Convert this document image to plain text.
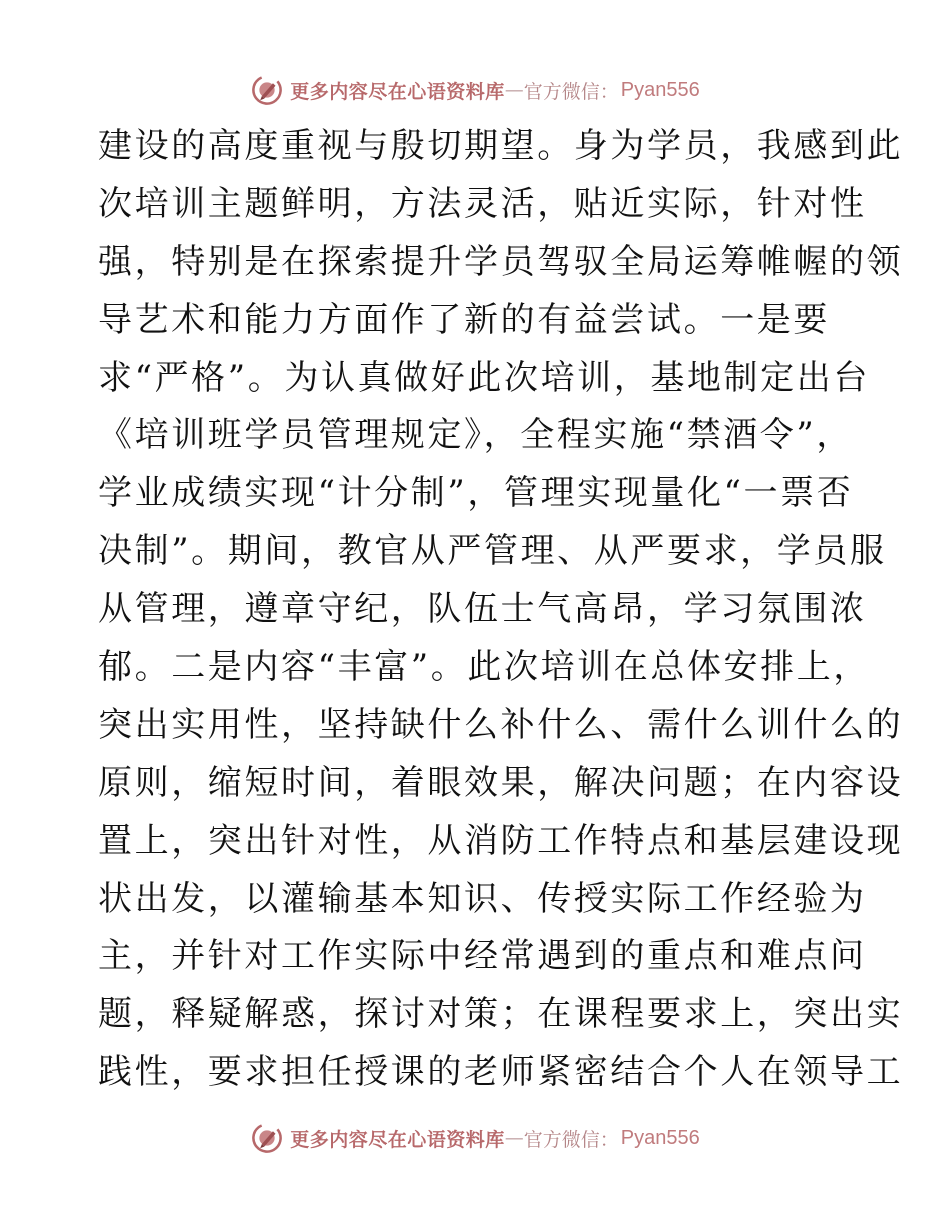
更多内容尽在心语资料库 — 官方微信： Pyan556
建设的高度重视与殷切期望。身为学员，我感到此
次培训主题鲜明，方法灵活，贴近实际，针对性
强，特别是在探索提升学员驾驭全局运筹帷幄的领
导艺术和能力方面作了新的有益尝试。一是要
求“严格”。为认真做好此次培训，基地制定出台
《培训班学员管理规定》，全程实施“禁酒令”，
学业成绩实现“计分制”，管理实现量化“一票否
决制”。期间，教官从严管理、从严要求，学员服
从管理，遵章守纪，队伍士气高昂，学习氛围浓
郁。二是内容“丰富”。此次培训在总体安排上，
突出实用性，坚持缺什么补什么、需什么训什么的
原则，缩短时间，着眼效果，解决问题；在内容设
置上，突出针对性，从消防工作特点和基层建设现
状出发，以灌输基本知识、传授实际工作经验为
主，并针对工作实际中经常遇到的重点和难点问
题，释疑解惑，探讨对策；在课程要求上，突出实
践性，要求担任授课的老师紧密结合个人在领导工
更多内容尽在心语资料库 — 官方微信： Pyan556
